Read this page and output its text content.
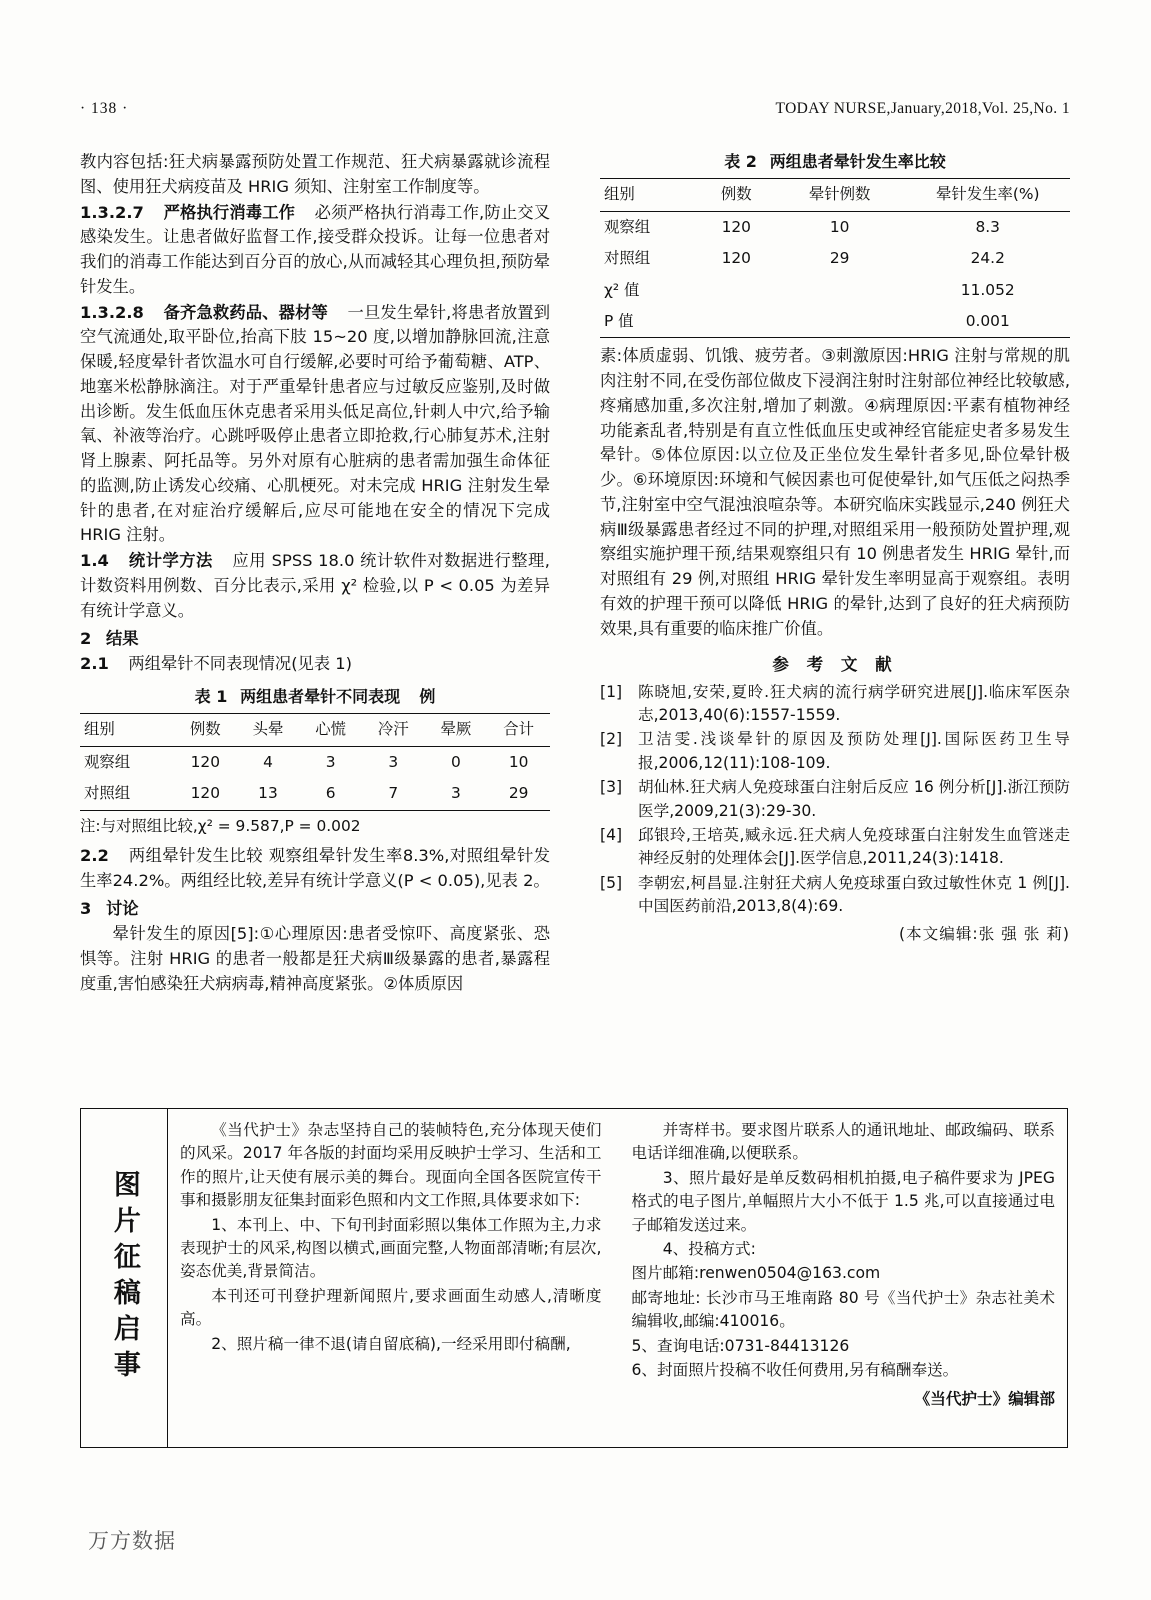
· 138 ·	TODAY NURSE,January,2018,Vol. 25,No. 1

教内容包括:狂犬病暴露预防处置工作规范、狂犬病暴露就诊流程图、使用狂犬病疫苗及 HRIG 须知、注射室工作制度等。

1.3.2.7 严格执行消毒工作 必须严格执行消毒工作,防止交叉感染发生。让患者做好监督工作,接受群众投诉。让每一位患者对我们的消毒工作能达到百分百的放心,从而减轻其心理负担,预防晕针发生。

1.3.2.8 备齐急救药品、器材等 一旦发生晕针,将患者放置到空气流通处,取平卧位,抬高下肢 15~20 度,以增加静脉回流,注意保暖,轻度晕针者饮温水可自行缓解,必要时可给予葡萄糖、ATP、地塞米松静脉滴注。对于严重晕针患者应与过敏反应鉴别,及时做出诊断。发生低血压休克患者采用头低足高位,针刺人中穴,给予输氧、补液等治疗。心跳呼吸停止患者立即抢救,行心肺复苏术,注射肾上腺素、阿托品等。另外对原有心脏病的患者需加强生命体征的监测,防止诱发心绞痛、心肌梗死。对未完成 HRIG 注射发生晕针的患者,在对症治疗缓解后,应尽可能地在安全的情况下完成 HRIG 注射。

1.4 统计学方法 应用 SPSS 18.0 统计软件对数据进行整理,计数资料用例数、百分比表示,采用 χ² 检验,以 P < 0.05 为差异有统计学意义。

2 结果

2.1 两组晕针不同表现情况(见表 1)

表 1 两组患者晕针不同表现 例
组别	例数	头晕	心慌	冷汗	晕厥	合计
观察组	120	4	3	3	0	10
对照组	120	13	6	7	3	29
注:与对照组比较,χ² = 9.587,P = 0.002

2.2 两组晕针发生比较 观察组晕针发生率8.3%,对照组晕针发生率24.2%。两组经比较,差异有统计学意义(P < 0.05),见表 2。

3 讨论

晕针发生的原因[5]:①心理原因:患者受惊吓、高度紧张、恐惧等。注射 HRIG 的患者一般都是狂犬病Ⅲ级暴露的患者,暴露程度重,害怕感染狂犬病病毒,精神高度紧张。②体质原因

表 2 两组患者晕针发生率比较
组别	例数	晕针例数	晕针发生率(%)
观察组	120	10	8.3
对照组	120	29	24.2
χ² 值			11.052
P 值			0.001

素:体质虚弱、饥饿、疲劳者。③刺激原因:HRIG 注射与常规的肌肉注射不同,在受伤部位做皮下浸润注射时注射部位神经比较敏感,疼痛感加重,多次注射,增加了刺激。④病理原因:平素有植物神经功能紊乱者,特别是有直立性低血压史或神经官能症史者多易发生晕针。⑤体位原因:以立位及正坐位发生晕针者多见,卧位晕针极少。⑥环境原因:环境和气候因素也可促使晕针,如气压低之闷热季节,注射室中空气混浊浪喧杂等。本研究临床实践显示,240 例狂犬病Ⅲ级暴露患者经过不同的护理,对照组采用一般预防处置护理,观察组实施护理干预,结果观察组只有 10 例患者发生 HRIG 晕针,而对照组有 29 例,对照组 HRIG 晕针发生率明显高于观察组。表明有效的护理干预可以降低 HRIG 的晕针,达到了良好的狂犬病预防效果,具有重要的临床推广价值。

参 考 文 献
[1]	陈晓旭,安荣,夏昤.狂犬病的流行病学研究进展[J].临床军医杂志,2013,40(6):1557-1559.
[2]	卫洁雯.浅谈晕针的原因及预防处理[J].国际医药卫生导报,2006,12(11):108-109.
[3]	胡仙林.狂犬病人免疫球蛋白注射后反应 16 例分析[J].浙江预防医学,2009,21(3):29-30.
[4]	邱银玲,王培英,臧永远.狂犬病人免疫球蛋白注射发生血管迷走神经反射的处理体会[J].医学信息,2011,24(3):1418.
[5]	李朝宏,柯昌显.注射狂犬病人免疫球蛋白致过敏性休克 1 例[J].中国医药前沿,2013,8(4):69.
(本文编辑:张 强 张 莉)
图片征稿启事

《当代护士》杂志坚持自己的装帧特色,充分体现天使们的风采。2017 年各版的封面均采用反映护士学习、生活和工作的照片,让天使有展示美的舞台。现面向全国各医院宣传干事和摄影朋友征集封面彩色照和内文工作照,具体要求如下:

1、本刊上、中、下旬刊封面彩照以集体工作照为主,力求表现护士的风采,构图以横式,画面完整,人物面部清晰;有层次,姿态优美,背景简洁。

本刊还可刊登护理新闻照片,要求画面生动感人,清晰度高。

2、照片稿一律不退(请自留底稿),一经采用即付稿酬,

并寄样书。要求图片联系人的通讯地址、邮政编码、联系电话详细准确,以便联系。

3、照片最好是单反数码相机拍摄,电子稿件要求为 JPEG 格式的电子图片,单幅照片大小不低于 1.5 兆,可以直接通过电子邮箱发送过来。

4、投稿方式:

图片邮箱:renwen0504@163.com

邮寄地址: 长沙市马王堆南路 80 号《当代护士》杂志社美术编辑收,邮编:410016。

5、查询电话:0731-84413126

6、封面照片投稿不收任何费用,另有稿酬奉送。

《当代护士》编辑部
万方数据
